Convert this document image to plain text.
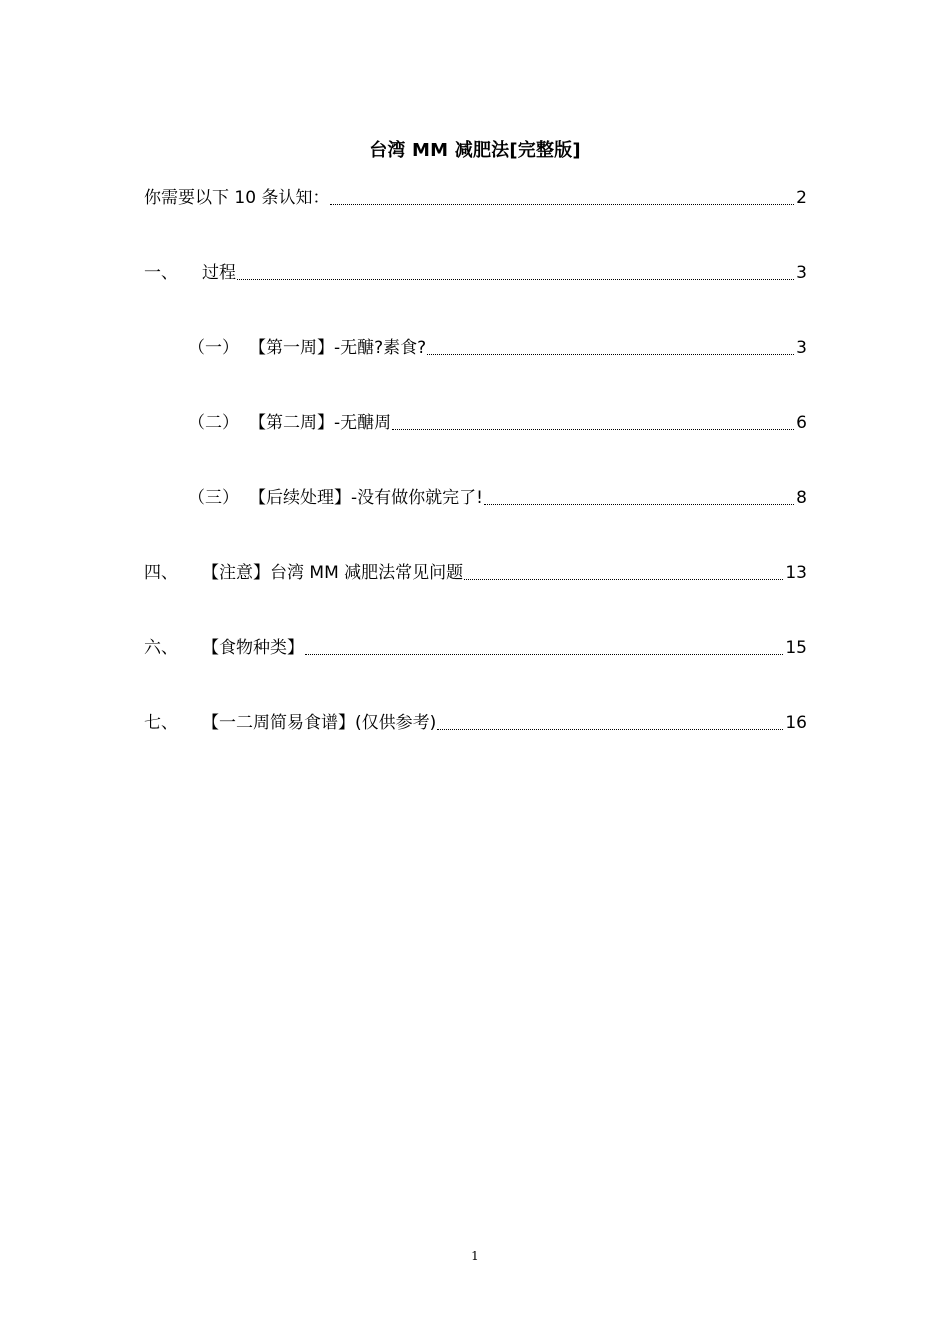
台湾 MM 减肥法[完整版]
你需要以下 10 条认知：	2
一、 过程	3
（一） 【第一周】-无醣?素食?	3
（二） 【第二周】-无醣周	6
（三） 【后续处理】-没有做你就完了!	8
四、 【注意】台湾 MM 减肥法常见问题	13
六、 【食物种类】	15
七、 【一二周简易食谱】(仅供参考)	16
1
